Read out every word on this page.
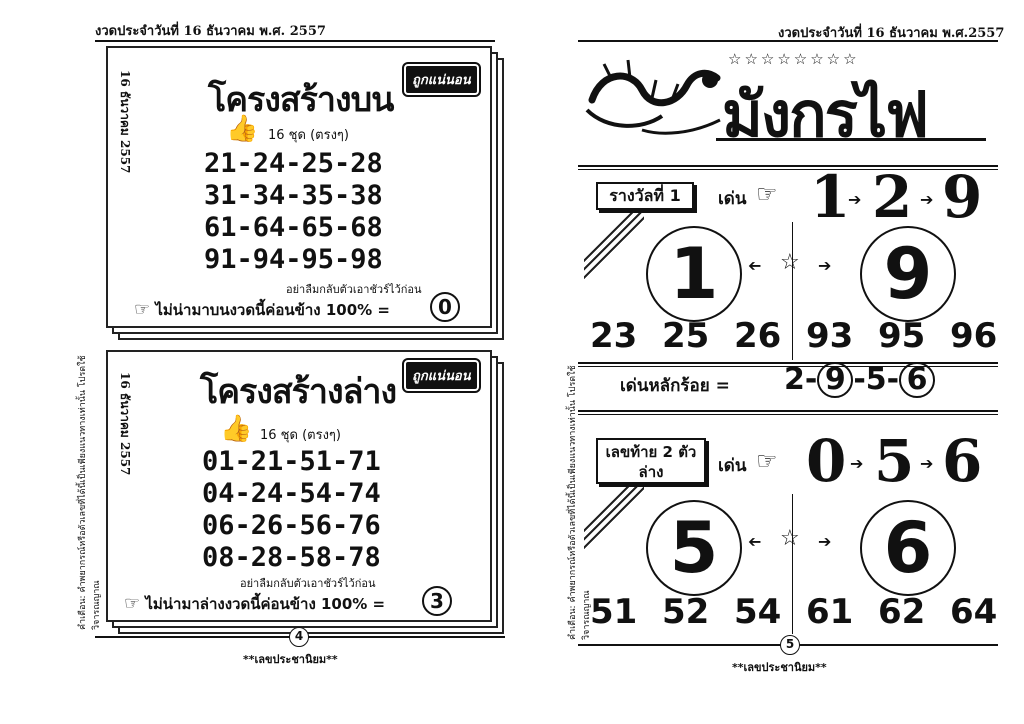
งวดประจำวันที่ 16 ธันวาคม พ.ศ. 2557
16 ธันวาคม 2557	ถูกแน่นอน
โครงสร้างบน
👍 16 ชุด (ตรงๆ)
21-24-25-28
31-34-35-38
61-64-65-68
91-94-95-98
อย่าลืมกลับตัวเอาชัวร์ไว้ก่อน
☞ ไม่น่ามาบนงวดนี้ค่อนข้าง 100% =	0
16 ธันวาคม 2557	ถูกแน่นอน
โครงสร้างล่าง
👍 16 ชุด (ตรงๆ)
01-21-51-71
04-24-54-74
06-26-56-76
08-28-58-78
อย่าลืมกลับตัวเอาชัวร์ไว้ก่อน
☞ ไม่น่ามาล่างงวดนี้ค่อนข้าง 100% =	3
คำเตือน: คำพยากรณ์หรือตัวเลขที่ได้นี้เป็นเพียงแนวทางเท่านั้น โปรดใช้วิจารณญาณ
4
**เลขประชานิยม**
งวดประจำวันที่ 16 ธันวาคม พ.ศ.2557
☆☆☆☆☆☆☆☆
มังกรไฟ
รางวัลที่ 1	เด่น ☞ 1
➔ 2 ➔ 9
1	➔ ☆ ➔ 9
23 25 26 93 95 96
เด่นหลักร้อย = 2- 9 -5- 6
เลขท้าย 2 ตัว
ล่าง	เด่น ☞ 0 ➔ 5 ➔ 6
5	➔ ☆ ➔ 6
51 52 54 61 62 64
คำเตือน: คำพยากรณ์หรือตัวเลขที่ได้นี้เป็นเพียงแนวทางเท่านั้น โปรดใช้วิจารณญาณ
5
**เลขประชานิยม**
